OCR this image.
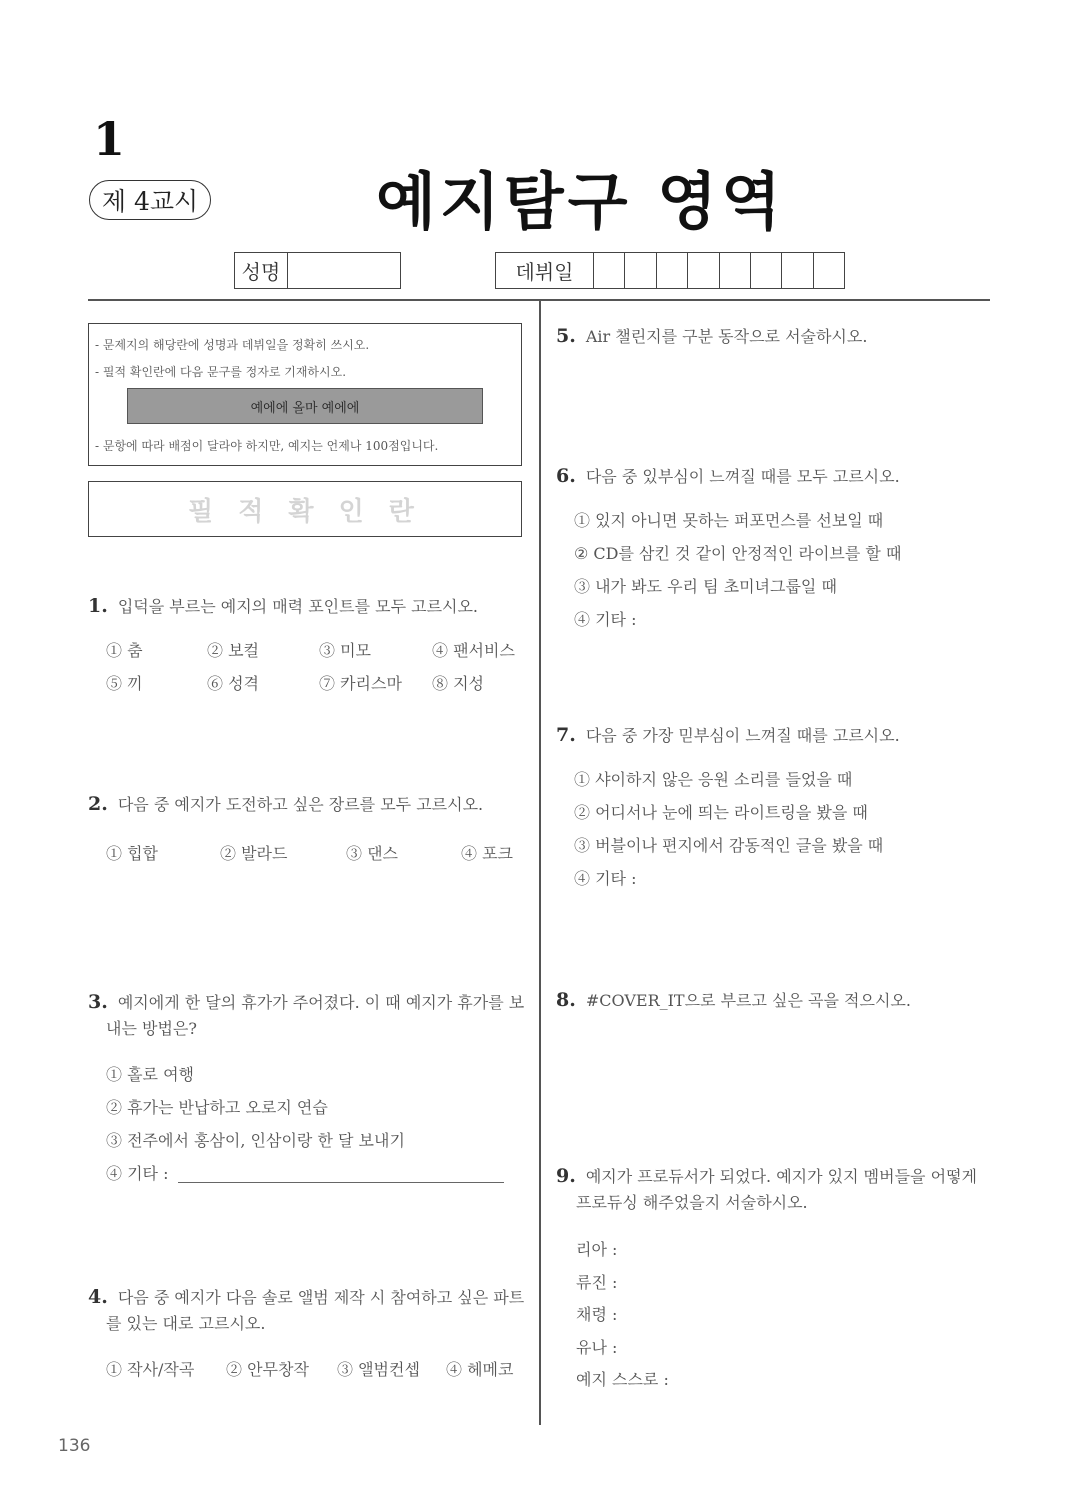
1
제 4교시	예지탐구 영역
성명	데뷔일
- 문제지의 해당란에 성명과 데뷔일을 정확히 쓰시오.
- 필적 확인란에 다음 문구를 정자로 기재하시오.
예에에 올마 예에에
- 문항에 따라 배점이 달라야 하지만, 예지는 언제나 100점입니다.
필 적 확 인 란
1. 입덕을 부르는 예지의 매력 포인트를 모두 고르시오.
① 춤	② 보컬	③ 미모	④ 팬서비스
⑤ 끼	⑥ 성격	⑦ 카리스마 ⑧ 지성
2. 다음 중 예지가 도전하고 싶은 장르를 모두 고르시오.
① 힙합	② 발라드	③ 댄스	④ 포크
3. 예지에게 한 달의 휴가가 주어졌다. 이 때 예지가 휴가를 보
내는 방법은?
① 홀로 여행
② 휴가는 반납하고 오로지 연습
③ 전주에서 홍삼이, 인삼이랑 한 달 보내기
④ 기타 :
4. 다음 중 예지가 다음 솔로 앨범 제작 시 참여하고 싶은 파트
를 있는 대로 고르시오.
① 작사/작곡 ② 안무창작 ③ 앨범컨셉 ④ 헤메코
5. Air 챌린지를 구분 동작으로 서술하시오.
6. 다음 중 있부심이 느껴질 때를 모두 고르시오.
① 있지 아니면 못하는 퍼포먼스를 선보일 때
② CD를 삼킨 것 같이 안정적인 라이브를 할 때
③ 내가 봐도 우리 팀 초미녀그룹일 때
④ 기타 :
7. 다음 중 가장 믿부심이 느껴질 때를 고르시오.
① 샤이하지 않은 응원 소리를 들었을 때
② 어디서나 눈에 띄는 라이트링을 봤을 때
③ 버블이나 편지에서 감동적인 글을 봤을 때
④ 기타 :
8. #COVER_IT으로 부르고 싶은 곡을 적으시오.
9. 예지가 프로듀서가 되었다. 예지가 있지 멤버들을 어떻게
프로듀싱 해주었을지 서술하시오.
리아 :
류진 :
채령 :
유나 :
예지 스스로 :
136
